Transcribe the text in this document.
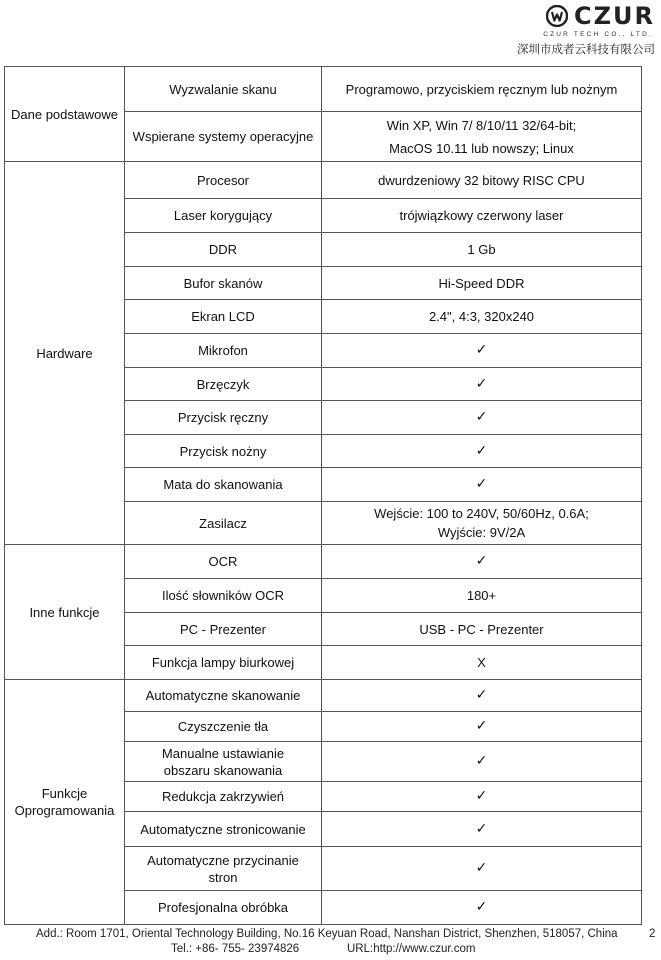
CZUR
CZUR TECH CO., LTD.
深圳市成者云科技有限公司
Dane podstawowe	Wyzwalanie skanu	Programowo, przyciskiem ręcznym lub nożnym
	Wspierane systemy operacyjne	Win XP, Win 7/ 8/10/11 32/64-bit;
MacOS 10.11 lub nowszy; Linux
Hardware	Procesor	dwurdzeniowy 32 bitowy RISC CPU
	Laser korygujący	trójwiązkowy czerwony laser
	DDR	1 Gb
	Bufor skanów	Hi-Speed DDR
	Ekran LCD	2.4", 4:3, 320x240
	Mikrofon	✓
	Brzęczyk	✓
	Przycisk ręczny	✓
	Przycisk nożny	✓
	Mata do skanowania	✓
	Zasilacz	Wejście: 100 to 240V, 50/60Hz, 0.6A;
Wyjście: 9V/2A
Inne funkcje	OCR	✓
	Ilość słowników OCR	180+
	PC - Prezenter	USB - PC - Prezenter
	Funkcja lampy biurkowej	X
Funkcje
Oprogramowania	Automatyczne skanowanie	✓
	Czyszczenie tła	✓
	Manualne ustawianie
obszaru skanowania	✓
	Redukcja zakrzywień	✓
	Automatyczne stronicowanie	✓
	Automatyczne przycinanie
stron	✓
	Profesjonalna obróbka	✓
Add.: Room 1701, Oriental Technology Building, No.16 Keyuan Road, Nanshan District, Shenzhen, 518057, China	2
Tel.: +86- 755- 23974826	URL:http://www.czur.com
